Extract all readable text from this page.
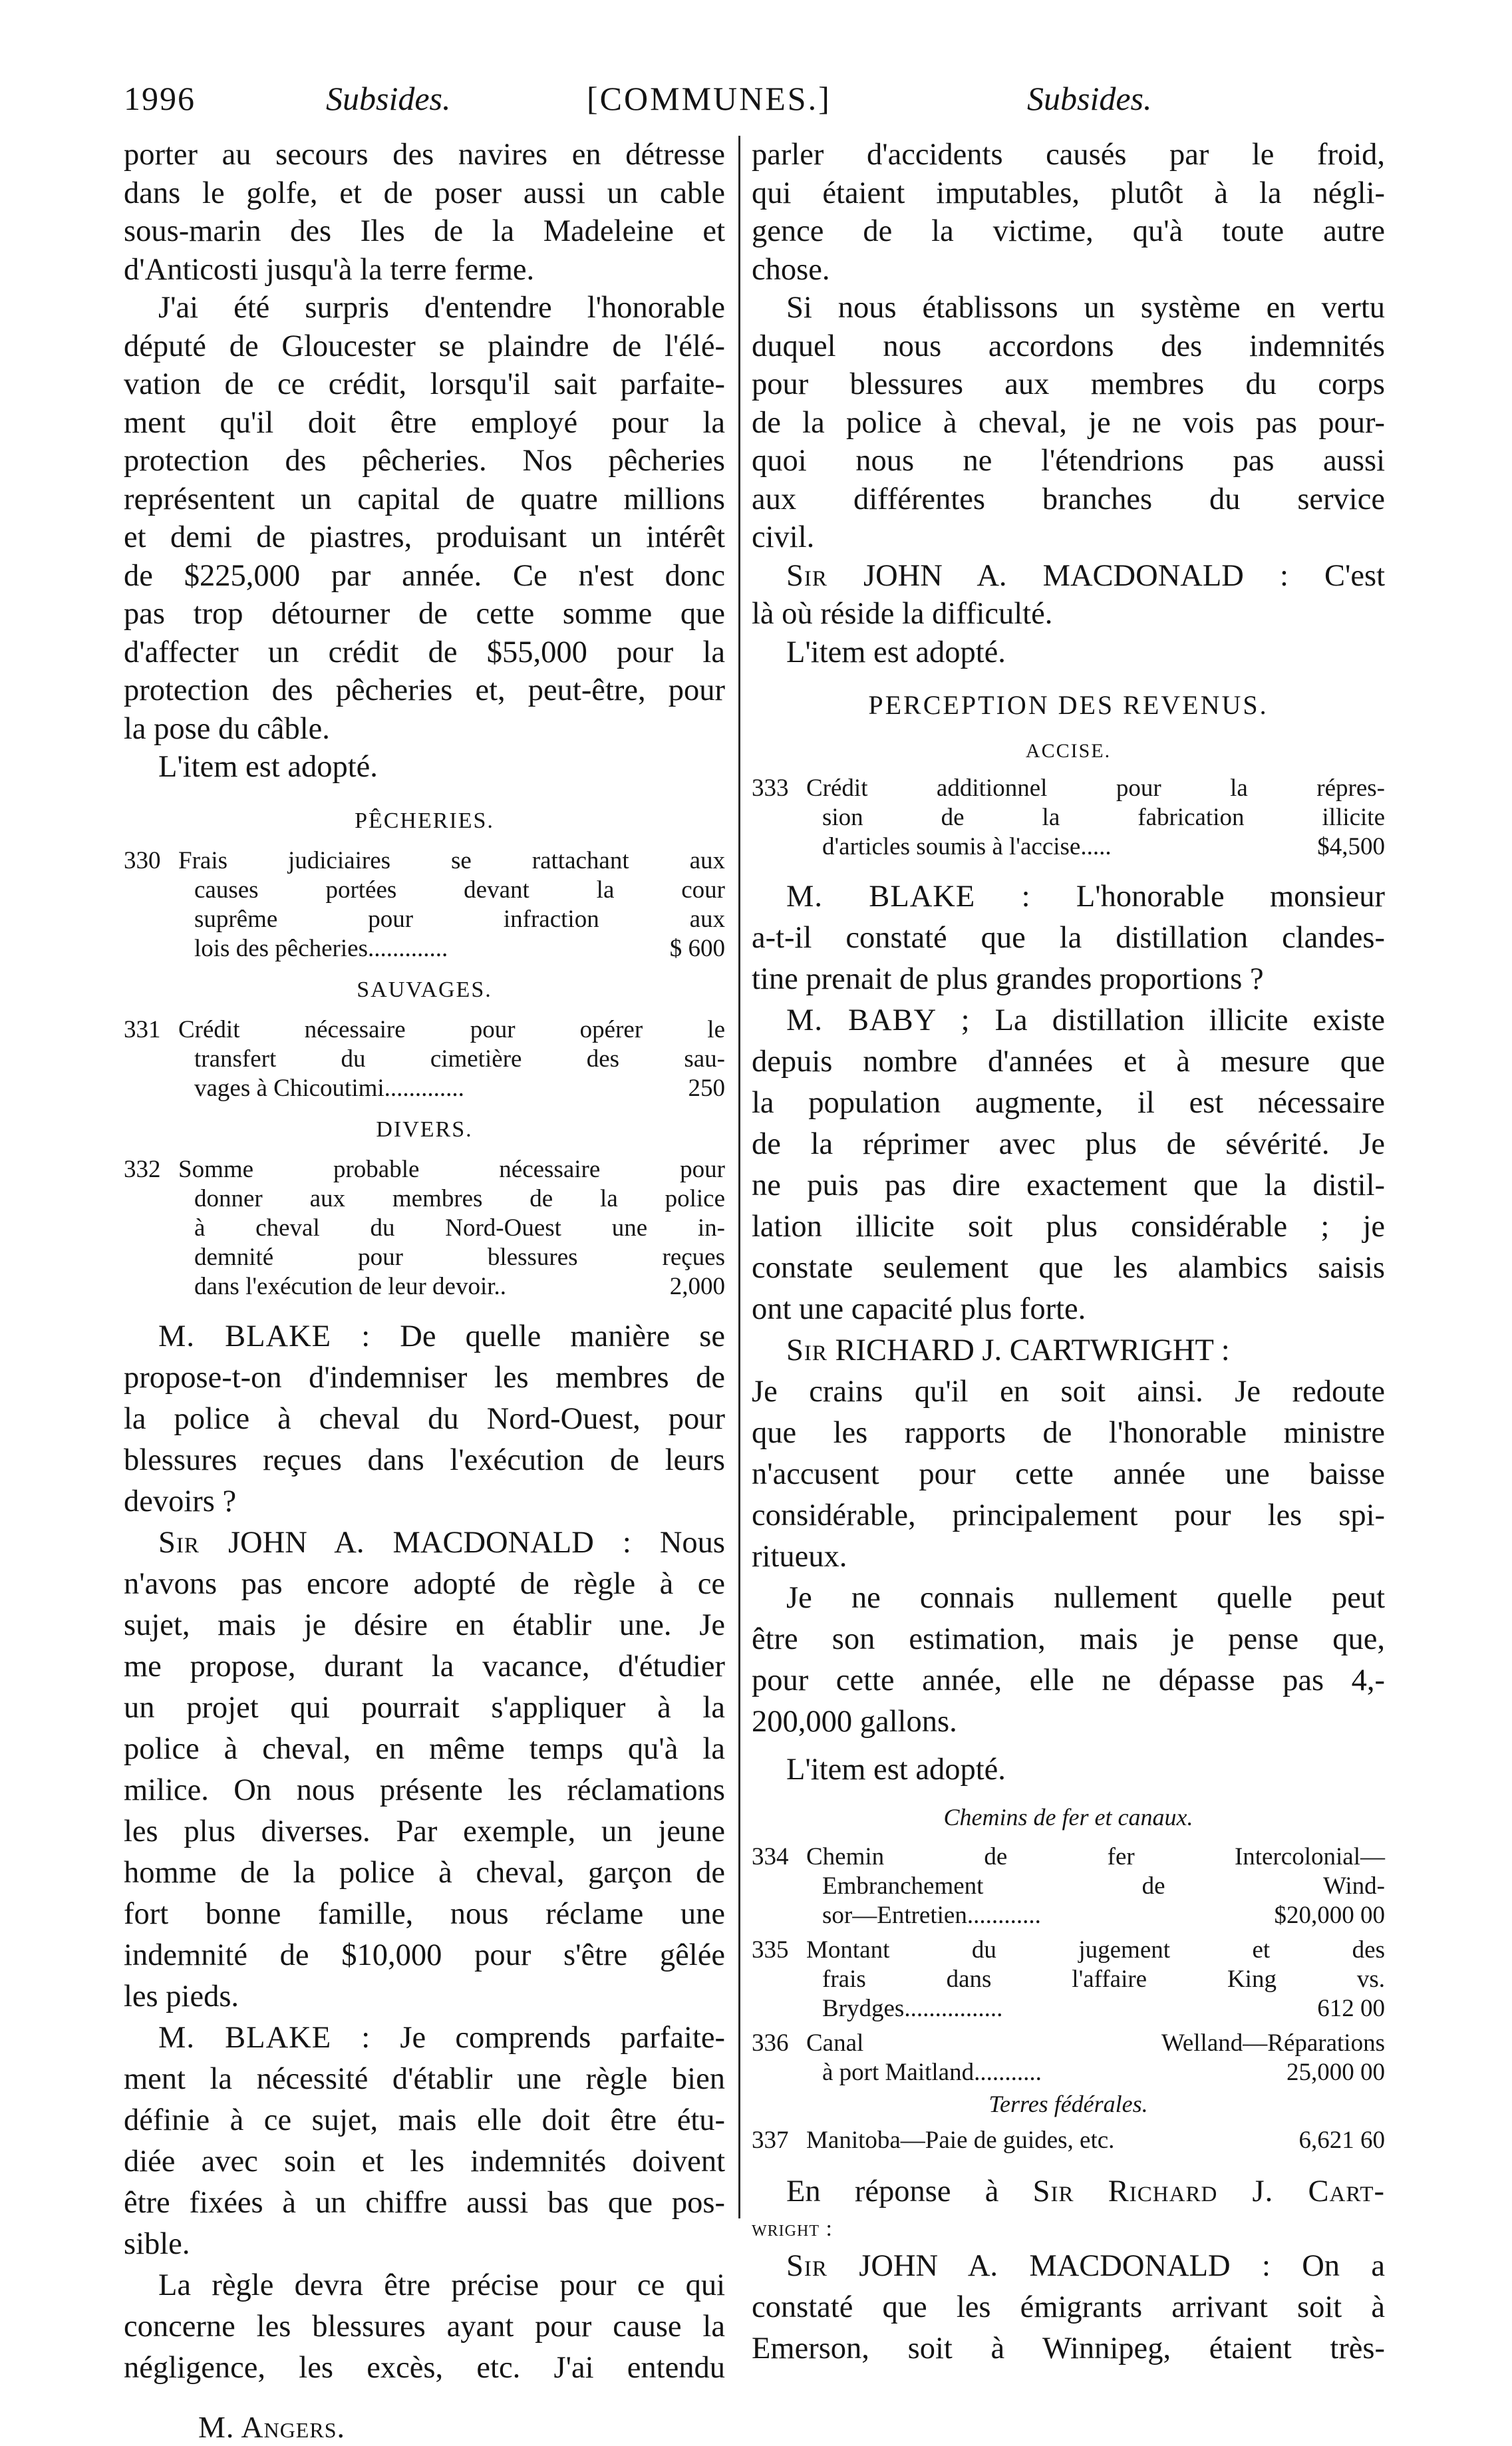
1996	Subsides.	[COMMUNES.]	Subsides.
porter au secours des navires en détresse
dans le golfe, et de poser aussi un cable
sous-marin des Iles de la Madeleine et
d'Anticosti jusqu'à la terre ferme.
J'ai été surpris d'entendre l'honorable
député de Gloucester se plaindre de l'élé-
vation de ce crédit, lorsqu'il sait parfaite-
ment qu'il doit être employé pour la
protection des pêcheries. Nos pêcheries
représentent un capital de quatre millions
et demi de piastres, produisant un intérêt
de $225,000 par année. Ce n'est donc
pas trop détourner de cette somme que
d'affecter un crédit de $55,000 pour la
protection des pêcheries et, peut-être, pour
la pose du câble.
L'item est adopté.
PÊCHERIES.
330 Frais judiciaires se rattachant aux
causes portées devant la cour
suprême pour infraction aux
lois des pêcheries.............	$ 600
SAUVAGES.
331 Crédit nécessaire pour opérer le
transfert du cimetière des sau-
vages à Chicoutimi.............	250
DIVERS.
332 Somme probable nécessaire pour
donner aux membres de la police
à cheval du Nord-Ouest une in-
demnité pour blessures reçues
dans l'exécution de leur devoir..	2,000
M. BLAKE : De quelle manière se
propose-t-on d'indemniser les membres de
la police à cheval du Nord-Ouest, pour
blessures reçues dans l'exécution de leurs
devoirs ?
Sir JOHN A. MACDONALD : Nous
n'avons pas encore adopté de règle à ce
sujet, mais je désire en établir une. Je
me propose, durant la vacance, d'étudier
un projet qui pourrait s'appliquer à la
police à cheval, en même temps qu'à la
milice. On nous présente les réclamations
les plus diverses. Par exemple, un jeune
homme de la police à cheval, garçon de
fort bonne famille, nous réclame une
indemnité de $10,000 pour s'être gêlée
les pieds.
M. BLAKE : Je comprends parfaite-
ment la nécessité d'établir une règle bien
définie à ce sujet, mais elle doit être étu-
diée avec soin et les indemnités doivent
être fixées à un chiffre aussi bas que pos-
sible.
La règle devra être précise pour ce qui
concerne les blessures ayant pour cause la
négligence, les excès, etc. J'ai entendu
M. Angers.
parler d'accidents causés par le froid,
qui étaient imputables, plutôt à la négli-
gence de la victime, qu'à toute autre
chose.
Si nous établissons un système en vertu
duquel nous accordons des indemnités
pour blessures aux membres du corps
de la police à cheval, je ne vois pas pour-
quoi nous ne l'étendrions pas aussi
aux différentes branches du service
civil.
Sir JOHN A. MACDONALD : C'est
là où réside la difficulté.
L'item est adopté.
PERCEPTION DES REVENUS.
ACCISE.
333 Crédit additionnel pour la répres-
sion de la fabrication illicite
d'articles soumis à l'accise.....	$4,500
M. BLAKE : L'honorable monsieur
a-t-il constaté que la distillation clandes-
tine prenait de plus grandes proportions ?
M. BABY ; La distillation illicite existe
depuis nombre d'années et à mesure que
la population augmente, il est nécessaire
de la réprimer avec plus de sévérité. Je
ne puis pas dire exactement que la distil-
lation illicite soit plus considérable ; je
constate seulement que les alambics saisis
ont une capacité plus forte.
Sir RICHARD J. CARTWRIGHT :
Je crains qu'il en soit ainsi. Je redoute
que les rapports de l'honorable ministre
n'accusent pour cette année une baisse
considérable, principalement pour les spi-
ritueux.
Je ne connais nullement quelle peut
être son estimation, mais je pense que,
pour cette année, elle ne dépasse pas 4,-
200,000 gallons.
L'item est adopté.
Chemins de fer et canaux.
334 Chemin de fer Intercolonial—
Embranchement de Wind-
sor—Entretien............	$20,000 00
335 Montant du jugement et des
frais dans l'affaire King vs.
Brydges................	612 00
336 Canal Welland—Réparations
à port Maitland...........	25,000 00
Terres fédérales.
337 Manitoba—Paie de guides, etc.	6,621 60
En réponse à Sir Richard J. Cart-
wright :
Sir JOHN A. MACDONALD : On a
constaté que les émigrants arrivant soit à
Emerson, soit à Winnipeg, étaient très-
